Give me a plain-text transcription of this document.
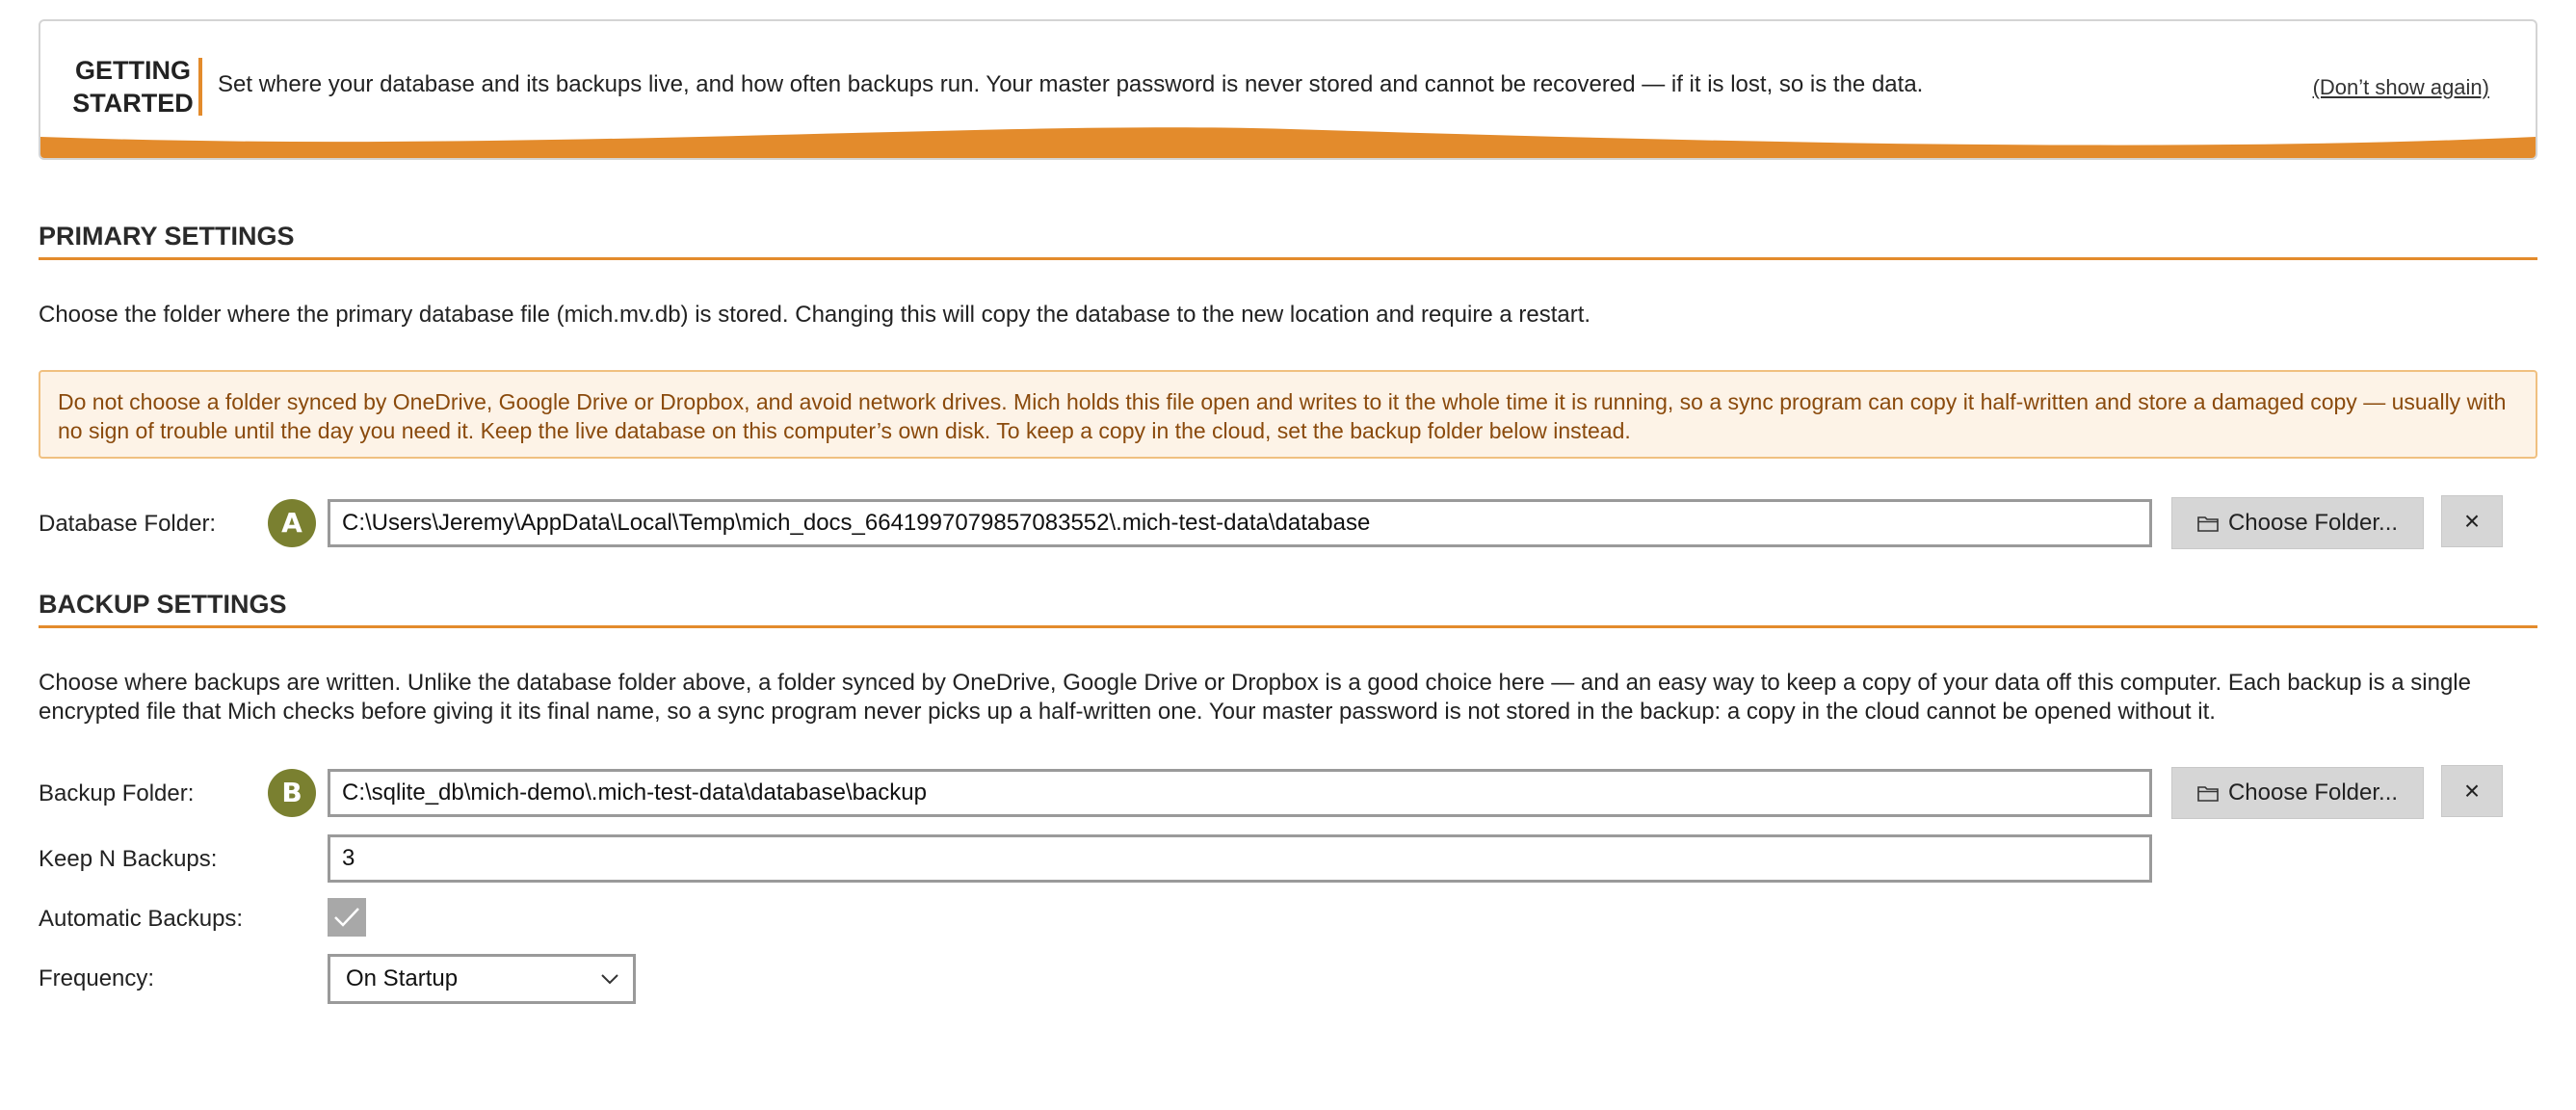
GETTING
STARTED
Set where your database and its backups live, and how often backups run. Your master password is never stored and cannot be recovered — if it is lost, so is the data.	(Don’t show again)
PRIMARY SETTINGS
Choose the folder where the primary database file (mich.mv.db) is stored. Changing this will copy the database to the new location and require a restart.
Do not choose a folder synced by OneDrive, Google Drive or Dropbox, and avoid network drives. Mich holds this file open and writes to it the whole time it is running, so a sync program can copy it half-written and store a damaged copy — usually with no sign of trouble until the day you need it. Keep the live database on this computer’s own disk. To keep a copy in the cloud, set the backup folder below instead.
Database Folder:	A
C:\Users\Jeremy\AppData\Local\Temp\mich_docs_6641997079857083552\.mich-test-data\database	Choose Folder... ×
BACKUP SETTINGS
Choose where backups are written. Unlike the database folder above, a folder synced by OneDrive, Google Drive or Dropbox is a good choice here — and an easy way to keep a copy of your data off this computer. Each backup is a single encrypted file that Mich checks before giving it its final name, so a sync program never picks up a half-written one. Your master password is not stored in the backup: a copy in the cloud cannot be opened without it.
Backup Folder:	B
C:\sqlite_db\mich-demo\.mich-test-data\database\backup	Choose Folder... ×
Keep N Backups:
3
Automatic Backups:
Frequency:	On Startup
